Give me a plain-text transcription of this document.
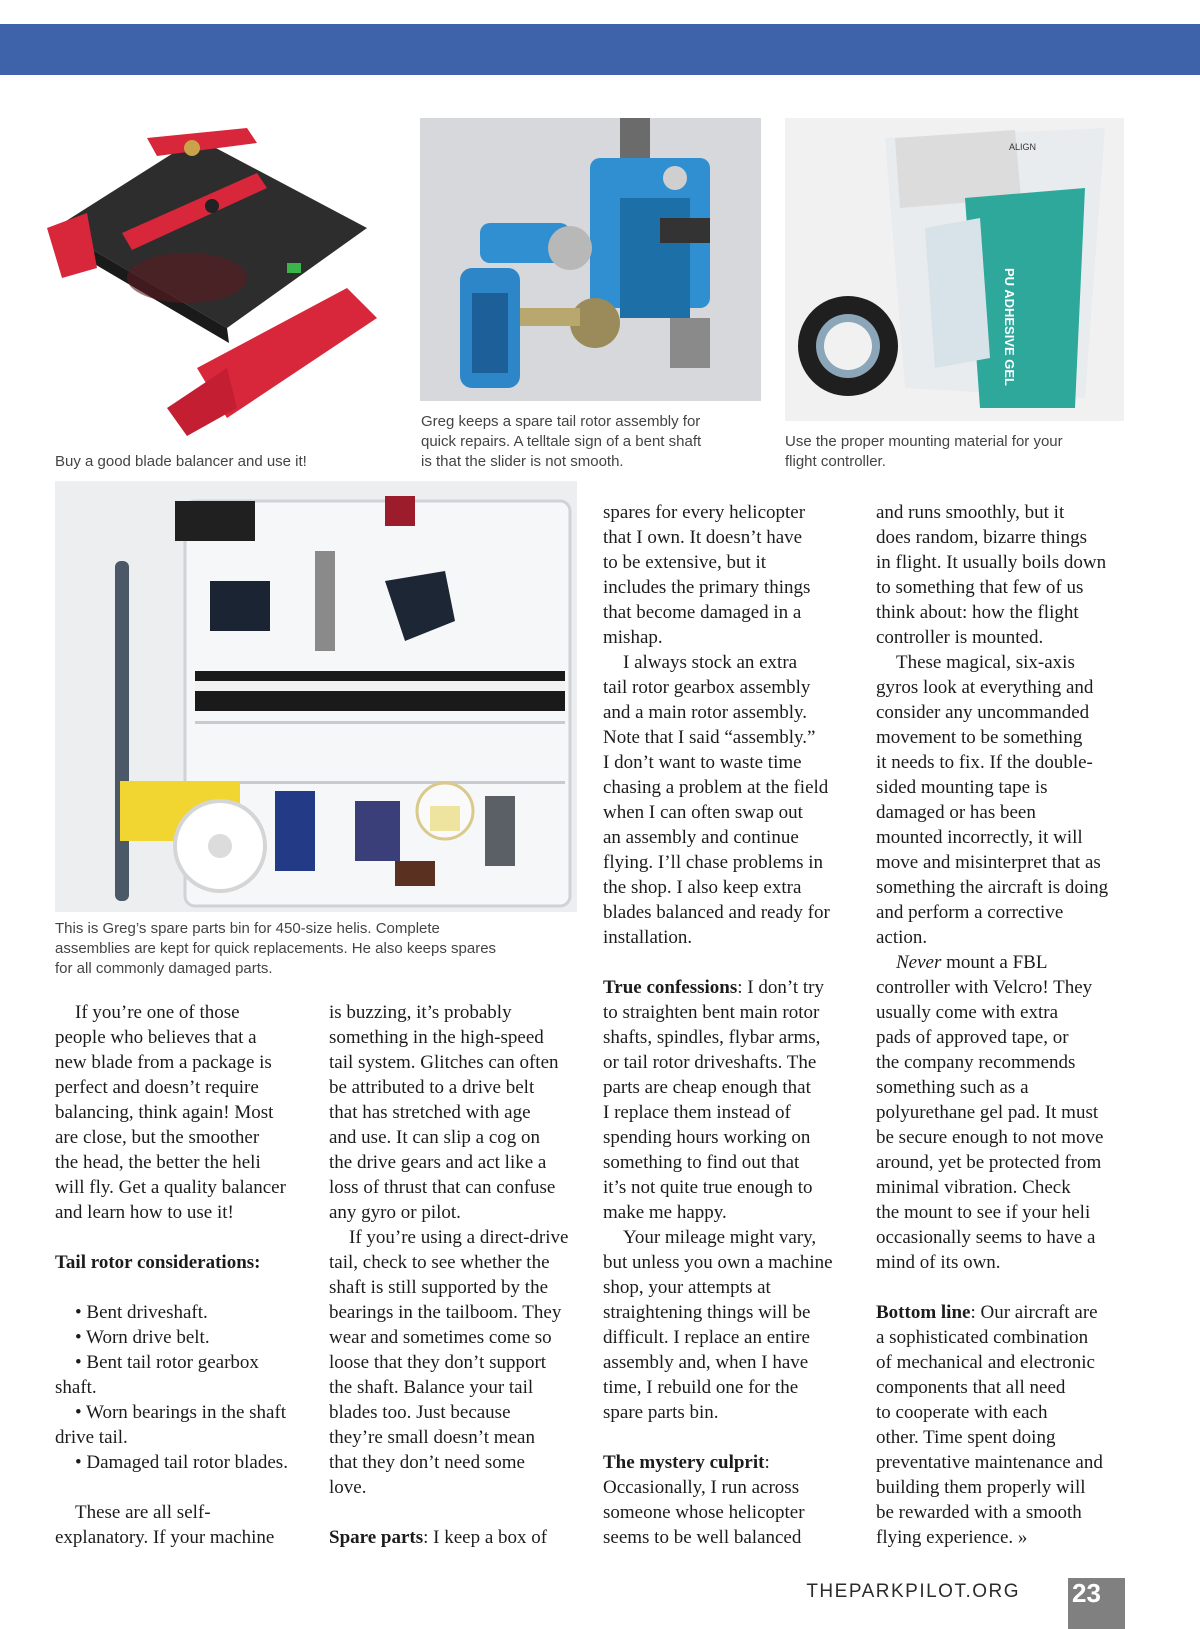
ALIGN
PU ADHESIVE GEL
Buy a good blade balancer and use it!
Greg keeps a spare tail rotor assembly for
quick repairs. A telltale sign of a bent shaft
is that the slider is not smooth.
Use the proper mounting material for your
flight controller.
This is Greg’s spare parts bin for 450-size helis. Complete
assemblies are kept for quick replacements. He also keeps spares
for all commonly damaged parts.

If you’re one of those

people who believes that a

new blade from a package is

perfect and doesn’t require

balancing, think again! Most

are close, but the smoother

the head, the better the heli

will fly. Get a quality balancer

and learn how to use it!

Tail rotor considerations:

• Bent driveshaft.

• Worn drive belt.

• Bent tail rotor gearbox

shaft.

• Worn bearings in the shaft

drive tail.

• Damaged tail rotor blades.

These are all self-

explanatory. If your machine

is buzzing, it’s probably

something in the high-speed

tail system. Glitches can often

be attributed to a drive belt

that has stretched with age

and use. It can slip a cog on

the drive gears and act like a

loss of thrust that can confuse

any gyro or pilot.

If you’re using a direct-drive

tail, check to see whether the

shaft is still supported by the

bearings in the tailboom. They

wear and sometimes come so

loose that they don’t support

the shaft. Balance your tail

blades too. Just because

they’re small doesn’t mean

that they don’t need some

love.

Spare parts: I keep a box of

spares for every helicopter

that I own. It doesn’t have

to be extensive, but it

includes the primary things

that become damaged in a

mishap.

I always stock an extra

tail rotor gearbox assembly

and a main rotor assembly.

Note that I said “assembly.”

I don’t want to waste time

chasing a problem at the field

when I can often swap out

an assembly and continue

flying. I’ll chase problems in

the shop. I also keep extra

blades balanced and ready for

installation.

True confessions: I don’t try

to straighten bent main rotor

shafts, spindles, flybar arms,

or tail rotor driveshafts. The

parts are cheap enough that

I replace them instead of

spending hours working on

something to find out that

it’s not quite true enough to

make me happy.

Your mileage might vary,

but unless you own a machine

shop, your attempts at

straightening things will be

difficult. I replace an entire

assembly and, when I have

time, I rebuild one for the

spare parts bin.

The mystery culprit:

Occasionally, I run across

someone whose helicopter

seems to be well balanced

and runs smoothly, but it

does random, bizarre things

in flight. It usually boils down

to something that few of us

think about: how the flight

controller is mounted.

These magical, six-axis

gyros look at everything and

consider any uncommanded

movement to be something

it needs to fix. If the double-

sided mounting tape is

damaged or has been

mounted incorrectly, it will

move and misinterpret that as

something the aircraft is doing

and perform a corrective

action.

Never mount a FBL

controller with Velcro! They

usually come with extra

pads of approved tape, or

the company recommends

something such as a

polyurethane gel pad. It must

be secure enough to not move

around, yet be protected from

minimal vibration. Check

the mount to see if your heli

occasionally seems to have a

mind of its own.

Bottom line: Our aircraft are

a sophisticated combination

of mechanical and electronic

components that all need

to cooperate with each

other. Time spent doing

preventative maintenance and

building them properly will

be rewarded with a smooth

flying experience. »

THEPARKPILOT.ORG 23
